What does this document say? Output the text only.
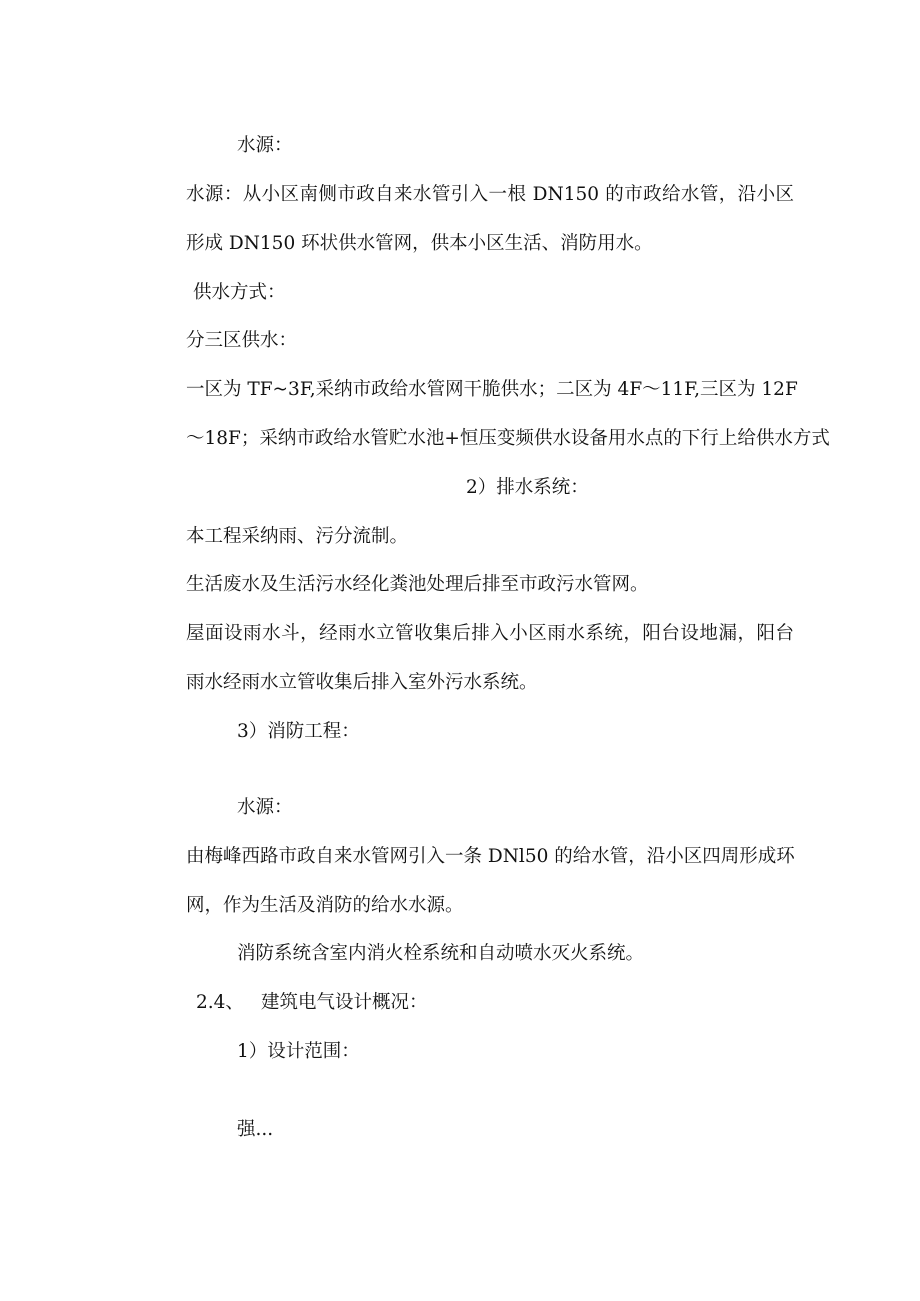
水源：

水源：从小区南侧市政自来水管引入一根 DN150 的市政给水管，沿小区

形成 DN150 环状供水管网，供本小区生活、消防用水。

供水方式：

分三区供水：

一区为 TF~3F,采纳市政给水管网干脆供水；二区为 4F～11F,三区为 12F

～18F；采纳市政给水管贮水池+恒压变频供水设备用水点的下行上给供水方式

2）排水系统：

本工程采纳雨、污分流制。

生活废水及生活污水经化粪池处理后排至市政污水管网。

屋面设雨水斗，经雨水立管收集后排入小区雨水系统，阳台设地漏，阳台

雨水经雨水立管收集后排入室外污水系统。

3）消防工程：

水源：

由梅峰西路市政自来水管网引入一条 DNl50 的给水管，沿小区四周形成环

网，作为生活及消防的给水水源。

消防系统含室内消火栓系统和自动喷水灭火系统。

2.4、 建筑电气设计概况：

1）设计范围：

强...
